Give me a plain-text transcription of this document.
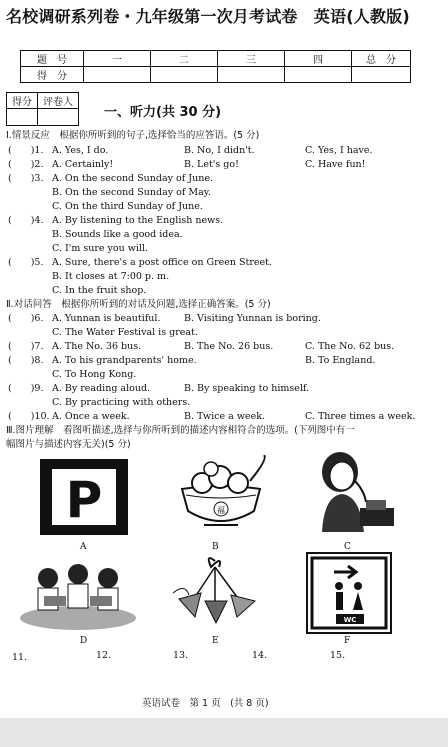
名校调研系列卷・九年级第一次月考试卷　英语(人教版)
题　号	一	二	三	四	总　分
得　分					
得分	评卷人

一、听力(共 30 分)
Ⅰ.情景反应　根据你所听到的句子,选择恰当的应答语。(5 分)
(　　)1. A. Yes, I do.	B. No, I didn't.	C. Yes, I have.
(　　)2. A. Certainly!	B. Let's go!	C. Have fun!
(　　)3. A. On the second Sunday of June.
B. On the second Sunday of May.
C. On the third Sunday of June.
(　　)4. A. By listening to the English news.
B. Sounds like a good idea.
C. I'm sure you will.
(　　)5. A. Sure, there's a post office on Green Street.
B. It closes at 7:00 p. m.
C. In the fruit shop.
Ⅱ.对话问答　根据你所听到的对话及问题,选择正确答案。(5 分)
(　　)6. A. Yunnan is beautiful. B. Visiting Yunnan is boring.
C. The Water Festival is great.
(　　)7. A. The No. 36 bus.	B. The No. 26 bus.	C. The No. 62 bus.
(　　)8. A. To his grandparents' home.	B. To England.
C. To Hong Kong.
(　　)9. A. By reading aloud.	B. By speaking to himself.
C. By practicing with others.
(　　)10. A. Once a week.	B. Twice a week.	C. Three times a week.
Ⅲ.图片理解　看图听描述,选择与你所听到的描述内容相符合的选项。(下列图中有一
幅图片与描述内容无关)(5 分)
P
A
福
B	C
D	E
WC
F
11.	12.	13.	14.	15.
英语试卷　第 1 页　(共 8 页)
